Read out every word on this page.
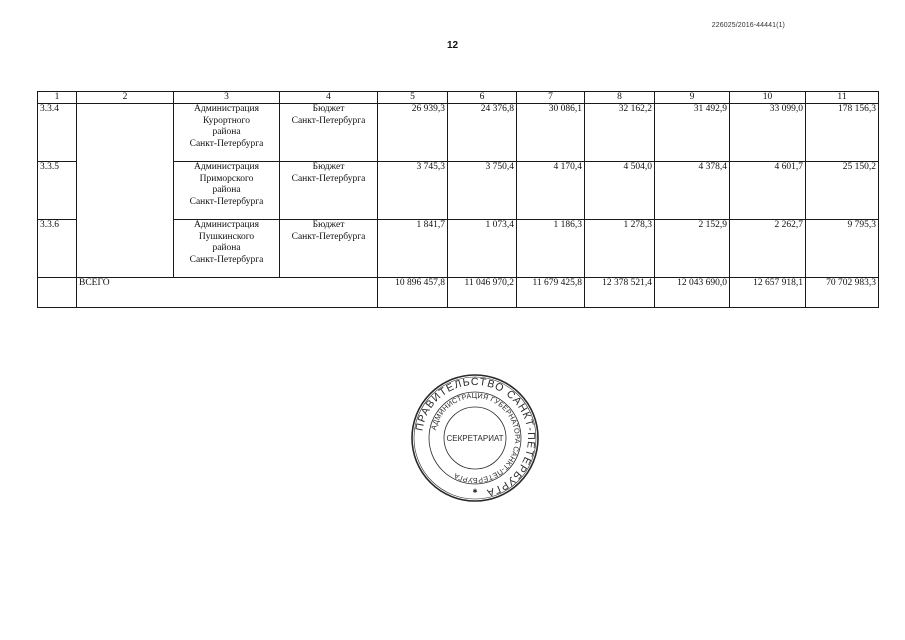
226025/2016-44441(1)
12
1	2	3	4	5	6	7	8	9	10	11
3.3.4		Администрация
Курортного
района
Санкт-Петербурга	Бюджет
Санкт-Петербурга	26 939,3	24 376,8	30 086,1	32 162,2	31 492,9	33 099,0	178 156,3
3.3.5		Администрация
Приморского
района
Санкт-Петербурга	Бюджет
Санкт-Петербурга	3 745,3	3 750,4	4 170,4	4 504,0	4 378,4	4 601,7	25 150,2
3.3.6		Администрация
Пушкинского
района
Санкт-Петербурга	Бюджет
Санкт-Петербурга	1 841,7	1 073,4	1 186,3	1 278,3	2 152,9	2 262,7	9 795,3
	ВСЕГО			10 896 457,8	11 046 970,2	11 679 425,8	12 378 521,4	12 043 690,0	12 657 918,1	70 702 983,3
ПРАВИТЕЛЬСТВО САНКТ-ПЕТЕРБУРГА
АДМИНИСТРАЦИЯ ГУБЕРНАТОРА САНКТ-ПЕТЕРБУРГА
СЕКРЕТАРИАТ
✱
